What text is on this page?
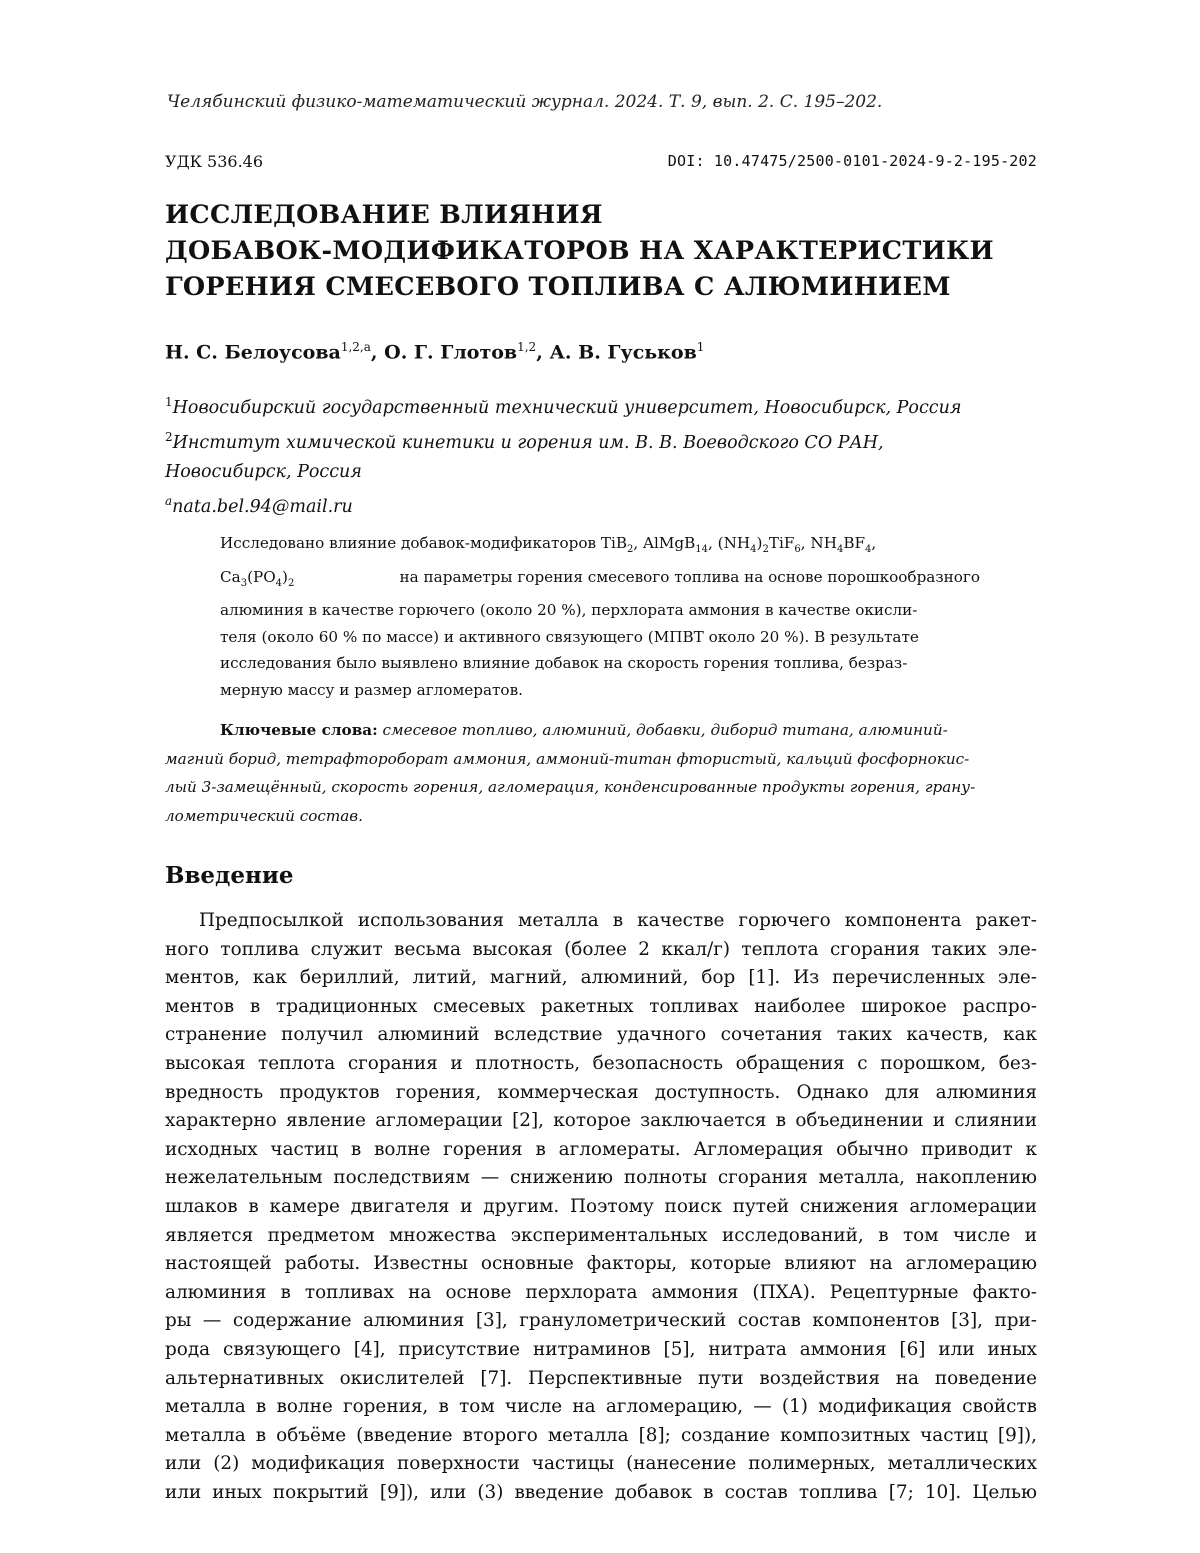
Челябинский физико-математический журнал. 2024. Т. 9, вып. 2. С. 195–202.
УДК 536.46	DOI: 10.47475/2500-0101-2024-9-2-195-202
ИССЛЕДОВАНИЕ ВЛИЯНИЯ
ДОБАВОК-МОДИФИКАТОРОВ НА ХАРАКТЕРИСТИКИ
ГОРЕНИЯ СМЕСЕВОГО ТОПЛИВА С АЛЮМИНИЕМ
Н. С. Белоусова$^{1,2,a}$, О. Г. Глотов$^{1,2}$, А. В. Гуськов$^1$
$^1$Новосибирский государственный технический университет, Новосибирск, Россия
$^2$Институт химической кинетики и горения им. В. В. Воеводского СО РАН,
Новосибирск, Россия
$^a$nata.bel.94@mail.ru
Исследовано влияние добавок-модификаторов TiB$_2$, AlMgB$_{14}$, $(NH_4)_2TiF_6$, $NH_4BF_4$,
$Ca_3(PO_4)_2$	на параметры горения смесевого топлива на основе порошкообразного
алюминия в качестве горючего (около 20 %), перхлората аммония в качестве окисли-
теля (около 60 % по массе) и активного связующего (МПВТ около 20 %). В результате
исследования было выявлено влияние добавок на скорость горения топлива, безраз-
мерную массу и размер агломератов.
Ключевые слова: смесевое топливо, алюминий, добавки, диборид титана, алюминий-
магний борид, тетрафтороборат аммония, аммоний-титан фтористый, кальций фосфорнокис-
лый 3-замещённый, скорость горения, агломерация, конденсированные продукты горения, грану-
лометрический состав.
Введение
Предпосылкой использования металла в качестве горючего компонента ракет-
ного топлива служит весьма высокая (более 2 ккал/г) теплота сгорания таких эле-
ментов, как бериллий, литий, магний, алюминий, бор [1]. Из перечисленных эле-
ментов в традиционных смесевых ракетных топливах наиболее широкое распро-
странение получил алюминий вследствие удачного сочетания таких качеств, как
высокая теплота сгорания и плотность, безопасность обращения с порошком, без-
вредность продуктов горения, коммерческая доступность. Однако для алюминия
характерно явление агломерации [2], которое заключается в объединении и слиянии
исходных частиц в волне горения в агломераты. Агломерация обычно приводит к
нежелательным последствиям — снижению полноты сгорания металла, накоплению
шлаков в камере двигателя и другим. Поэтому поиск путей снижения агломерации
является предметом множества экспериментальных исследований, в том числе и
настоящей работы. Известны основные факторы, которые влияют на агломерацию
алюминия в топливах на основе перхлората аммония (ПХА). Рецептурные факто-
ры — содержание алюминия [3], гранулометрический состав компонентов [3], при-
рода связующего [4], присутствие нитраминов [5], нитрата аммония [6] или иных
альтернативных окислителей [7]. Перспективные пути воздействия на поведение
металла в волне горения, в том числе на агломерацию, — (1) модификация свойств
металла в объёме (введение второго металла [8]; создание композитных частиц [9]),
или (2) модификация поверхности частицы (нанесение полимерных, металлических
или иных покрытий [9]), или (3) введение добавок в состав топлива [7; 10]. Целью
